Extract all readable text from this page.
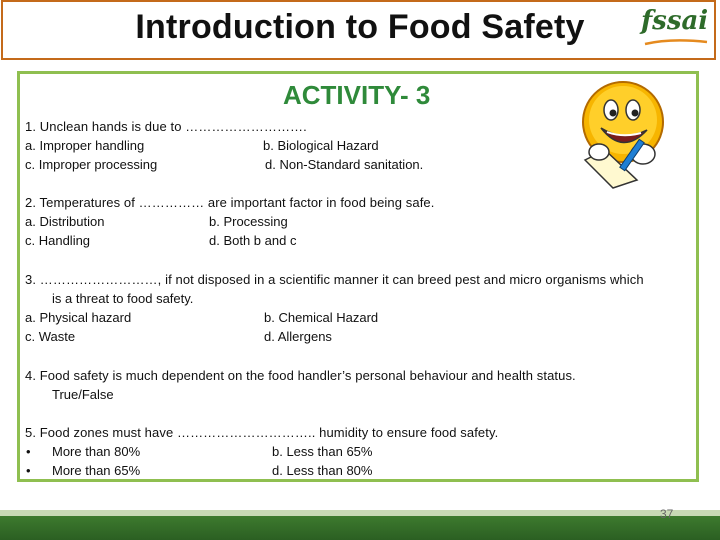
Introduction to Food Safety	fssai
ACTIVITY- 3
1. Unclean hands is due to ……………………….
a. Improper handling	b. Biological Hazard
c. Improper processing	d. Non-Standard sanitation.
2. Temperatures of …………… are important factor in food being safe.
a. Distribution	b. Processing
c. Handling	d. Both b and c
3. ………………………, if not disposed in a scientific manner it can breed pest and micro organisms which
is a threat to food safety.
a. Physical hazard	b. Chemical Hazard
c. Waste	d. Allergens
4. Food safety is much dependent on the food handler’s personal behaviour and health status.
True/False
5. Food zones must have ………………………….. humidity to ensure food safety.
• More than 80%	b. Less than 65%
• More than 65%	d. Less than 80%
37
